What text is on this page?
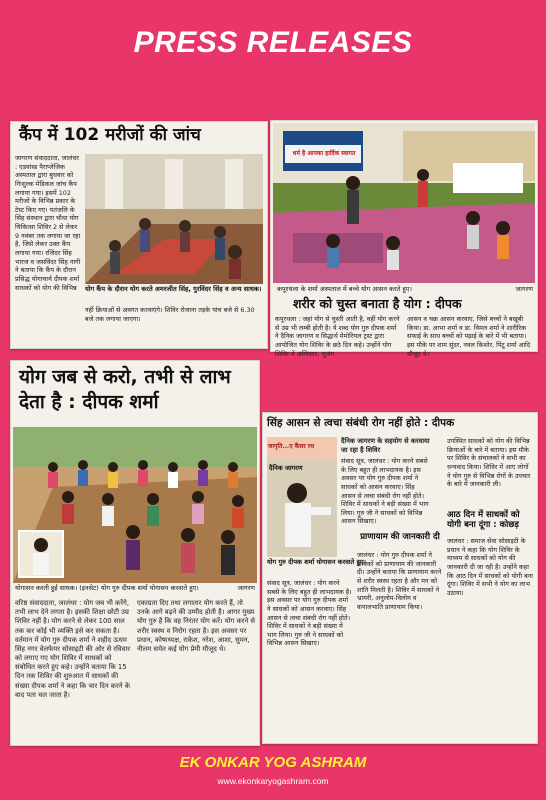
PRESS RELEASES
कैंप में 102 मरीजों की जांच
जागरण संवाददाता, जालंधर : एडवांस्ड पैराप्लेजिक अस्पताल द्वारा बुधवार को निःशुल्क मेडिकल जांच कैंप लगाया गया। इसमें 102 मरीजों के विभिन्न प्रकार के टेस्ट किए गए। पतंजलि के सिंह संस्थान द्वारा चौथा योग चिकित्सा शिविर 2 से लेकर 9 नवंबर तक लगाया जा रहा है, जिसे लेकर उक्त कैंप लगाया गया। रजिंदर सिंह भारज व जसविंदर सिंह नागी ने बताया कि कैंप के दौरान प्रसिद्ध योगाचार्य दीपक शर्मा साधकों को योग की विभिन्न	योग कैंप के दौरान योग करते अमरजीत सिंह, गुरविंदर सिंह व अन्य साधक।
नहीं क्रियाओं से अवगत करवाएंगे। शिविर रोजाना तड़के पांच बजे से 6.30 बजे तक लगाया जाएगा।
धर्म है आपका हार्दिक स्वागत
कपूरथला के शर्मा अस्पताल में बच्चे योग आसन करते हुए।	जागरण
शरीर को चुस्त बनाता है योग : दीपक
कपूरथला : जहां योग से चुस्ती आती है, वहीं योग करने से उम्र भी लम्बी होती है। ये शब्द योग गुरु दीपक शर्मा ने दैनिक जागरण व सिद्धार्थ मेमोरियल ट्रस्ट द्वारा आयोजित योग शिविर के छठे दिन कहे। उन्होंने योग शिविर में अग्निसार, भुजंग
आसन व चक्र आसन करवाए, जिसे बच्चों ने बखूबी किया। डा. आभा शर्मा व डा. विमल शर्मा ने शारीरिक सफाई के साथ बच्चों को पढ़ाई के बारे में भी बताया। इस मौके पर शाम सुंदर, नवल किशोर, पिंटू शर्मा आदि मौजूद थे।
योग जब से करो, तभी से लाभ देता है : दीपक शर्मा
योगासन करती हुई साधक। (इनसेट) योग गुरु दीपक शर्मा योगासन करवाते हुए।	जागरण
वरिष्ठ संवाददाता, जालंधर : योग जब भी करेंगे, तभी लाभ देने लगता है। इसकी शिक्षा छोटी उम्र शिविर नहीं है। योग करने से लेकर 100 साल तक कर कोई भी व्यक्ति इसे कर सकता है। वर्तमान में योग गुरु दीपक शर्मा ने शहीद ऊधम सिंह नगर वेलफेयर सोसाइटी की ओर से रविवार को लगाए गए योग शिविर में साधकों को संबोधित करते हुए कहे। उन्होंने बताया कि 15 दिन तक शिविर की शुरुआत में साधकों की संख्या दीपक शर्मा ने कहा कि चार दिन करने के बाद पता चल जाता है।
एकाग्रता दिए तथा लगातार योग करते हैं, तो उनके आगे बढ़ने की उम्मीद होती है। आगर मुख्य योग गुरु है कि वह निरंतर योग करें। योग करने से शरीर स्वस्थ व निरोग रहता है। इस अवसर पर प्रधान, कोषाध्यक्ष, राकेश, नरेश, आशा, सुमन, नीलम समेत कई योग प्रेमी मौजूद थे।
सिंह आसन से त्वचा संबंधी रोग नहीं होते : दीपक
जागृति...ए कैंसर रथ
दैनिक जागरण
दैनिक जागरण के सहयोग से करवाया जा रहा है शिविर
योग गुरु दीपक शर्मा योगासन करवाते हुए।
संवाद सूत्र, जालंधर : योग करने सबसे के लिए बहुत ही लाभदायक है। इस अवसर पर योग गुरु दीपक शर्मा ने साधकों को आसन करवाए। सिंह आसन से त्वचा संबंधी रोग नहीं होते। शिविर में साधकों ने बड़ी संख्या में भाग लिया। गुरु जी ने साधकों को विभिन्न आसन सिखाए।
प्राणायाम की जानकारी दी
संवाद सूत्र, जालंधर : योग करने सबसे के लिए बहुत ही लाभदायक है। इस अवसर पर योग गुरु दीपक शर्मा ने साधकों को आसन करवाए। सिंह आसन से त्वचा संबंधी रोग नहीं होते। शिविर में साधकों ने बड़ी संख्या में भाग लिया। गुरु जी ने साधकों को विभिन्न आसन सिखाए।
जालंधर : योग गुरु दीपक शर्मा ने साधकों को प्राणायाम की जानकारी दी। उन्होंने बताया कि प्राणायाम करने से शरीर स्वस्थ रहता है और मन को शांति मिलती है। शिविर में साधकों ने भ्रामरी, अनुलोम-विलोम व कपालभाति प्राणायाम किया।
उपस्थित साधकों को योग की विभिन्न क्रियाओं के बारे में बताया। इस मौके पर शिविर के संचालकों ने सभी का धन्यवाद किया। शिविर में आए लोगों ने योग गुरु से विभिन्न रोगों के उपचार के बारे में जानकारी ली।
आठ दिन में साधकों को योगी बना दूंगा : कोछड़
जालंधर : समाज सेवा सोसाइटी के प्रधान ने कहा कि योग शिविर के माध्यम से साधकों को योग की जानकारी दी जा रही है। उन्होंने कहा कि आठ दिन में साधकों को योगी बना दूंगा। शिविर में सभी ने योग का लाभ उठाया।
EK ONKAR YOG ASHRAM
www.ekonkaryogashram.com
